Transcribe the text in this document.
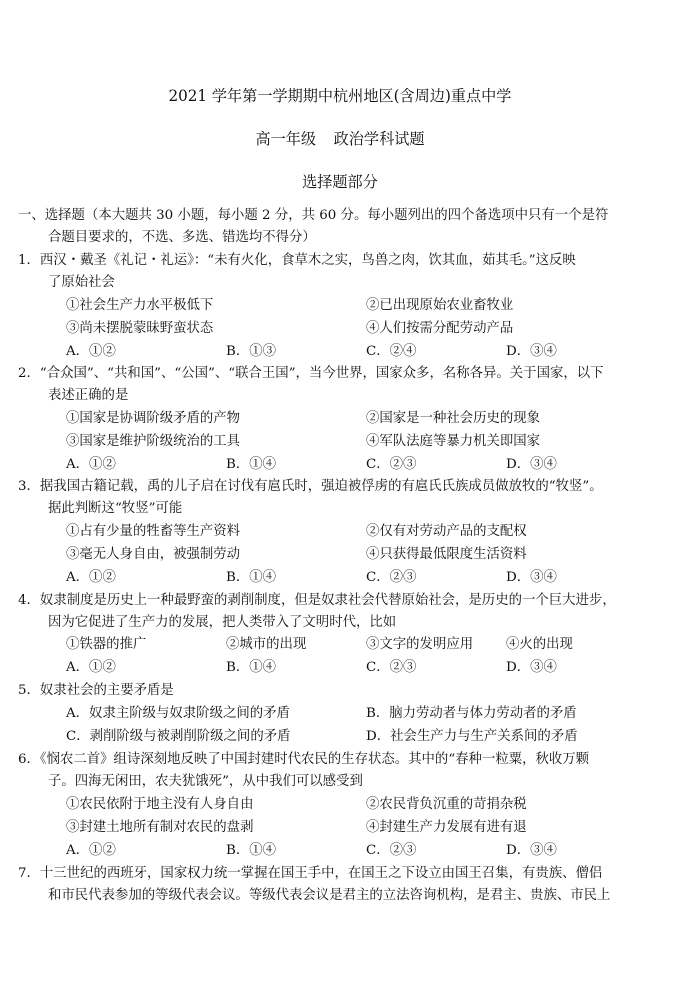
2021 学年第一学期期中杭州地区(含周边)重点中学
高一年级 政治学科试题
选择题部分
一、选择题（本大题共 30 小题，每小题 2 分，共 60 分。每小题列出的四个备选项中只有一个是符
合题目要求的，不选、多选、错选均不得分）
1．西汉・戴圣《礼记・礼运》：“未有火化，食草木之实，鸟兽之肉，饮其血，茹其毛。”这反映
了原始社会
①社会生产力水平极低下	②已出现原始农业畜牧业
③尚未摆脱蒙昧野蛮状态	④人们按需分配劳动产品
A．①②	B．①③	C．②④	D．③④
2．“合众国”、“共和国”、“公国”、“联合王国”，当今世界，国家众多，名称各异。关于国家，以下
表述正确的是
①国家是协调阶级矛盾的产物	②国家是一种社会历史的现象
③国家是维护阶级统治的工具	④军队法庭等暴力机关即国家
A．①②	B．①④	C．②③	D．③④
3．据我国古籍记载，禹的儿子启在讨伐有扈氏时，强迫被俘虏的有扈氏氏族成员做放牧的“牧竖”。
据此判断这“牧竖”可能
①占有少量的牲畜等生产资料	②仅有对劳动产品的支配权
③毫无人身自由，被强制劳动	④只获得最低限度生活资料
A．①②	B．①④	C．②③	D．③④
4．奴隶制度是历史上一种最野蛮的剥削制度，但是奴隶社会代替原始社会，是历史的一个巨大进步，
因为它促进了生产力的发展，把人类带入了文明时代，比如
①铁器的推广	②城市的出现	③文字的发明应用 ④火的出现
A．①②	B．①④	C．②③	D．③④
5．奴隶社会的主要矛盾是
A．奴隶主阶级与奴隶阶级之间的矛盾	B．脑力劳动者与体力劳动者的矛盾
C．剥削阶级与被剥削阶级之间的矛盾	D．社会生产力与生产关系间的矛盾
6．《悯农二首》组诗深刻地反映了中国封建时代农民的生存状态。其中的“春种一粒粟，秋收万颗
子。四海无闲田，农夫犹饿死”，从中我们可以感受到
①农民依附于地主没有人身自由	②农民背负沉重的苛捐杂税
③封建土地所有制对农民的盘剥	④封建生产力发展有进有退
A．①②	B．①④	C．②③	D．③④
7．十三世纪的西班牙，国家权力统一掌握在国王手中，在国王之下设立由国王召集，有贵族、僧侣
和市民代表参加的等级代表会议。等级代表会议是君主的立法咨询机构，是君主、贵族、市民上
